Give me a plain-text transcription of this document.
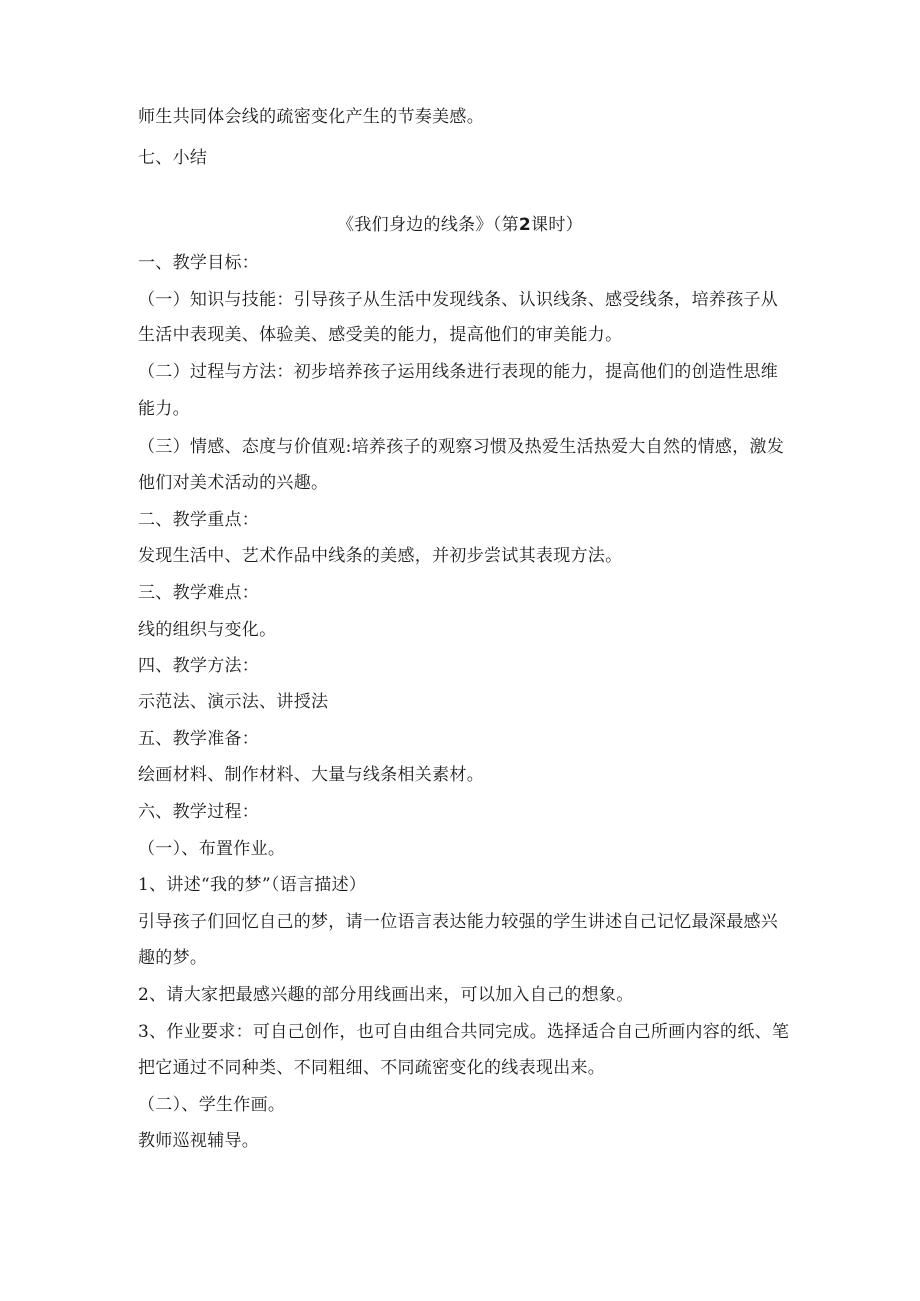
师生共同体会线的疏密变化产生的节奏美感。
七、小结
《我们身边的线条》（第2课时）
一、教学目标：
（一）知识与技能：引导孩子从生活中发现线条、认识线条、感受线条，培养孩子从
生活中表现美、体验美、感受美的能力，提高他们的审美能力。
（二）过程与方法：初步培养孩子运用线条进行表现的能力，提高他们的创造性思维
能力。
（三）情感、态度与价值观:培养孩子的观察习惯及热爱生活热爱大自然的情感，激发
他们对美术活动的兴趣。
二、教学重点：
发现生活中、艺术作品中线条的美感，并初步尝试其表现方法。
三、教学难点：
线的组织与变化。
四、教学方法：
示范法、演示法、讲授法
五、教学准备：
绘画材料、制作材料、大量与线条相关素材。
六、教学过程：
（一）、布置作业。
1、讲述“我的梦”（语言描述）
引导孩子们回忆自己的梦，请一位语言表达能力较强的学生讲述自己记忆最深最感兴
趣的梦。
2、请大家把最感兴趣的部分用线画出来，可以加入自己的想象。
3、作业要求：可自己创作，也可自由组合共同完成。选择适合自己所画内容的纸、笔
把它通过不同种类、不同粗细、不同疏密变化的线表现出来。
（二）、学生作画。
教师巡视辅导。
